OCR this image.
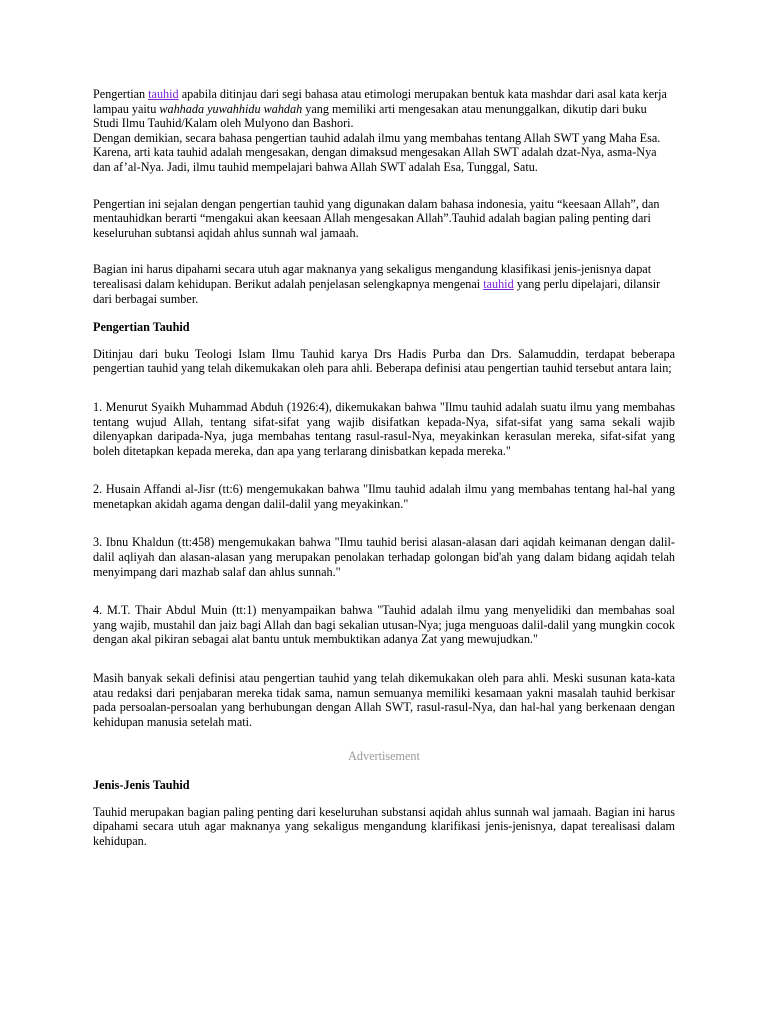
Pengertian tauhid apabila ditinjau dari segi bahasa atau etimologi merupakan bentuk kata mashdar dari asal kata kerja lampau yaitu wahhada yuwahhidu wahdah yang memiliki arti mengesakan atau menunggalkan, dikutip dari buku Studi Ilmu Tauhid/Kalam oleh Mulyono dan Bashori.

Dengan demikian, secara bahasa pengertian tauhid adalah ilmu yang membahas tentang Allah SWT yang Maha Esa. Karena, arti kata tauhid adalah mengesakan, dengan dimaksud mengesakan Allah SWT adalah dzat-Nya, asma-Nya dan af’al-Nya. Jadi, ilmu tauhid mempelajari bahwa Allah SWT adalah Esa, Tunggal, Satu.

Pengertian ini sejalan dengan pengertian tauhid yang digunakan dalam bahasa indonesia, yaitu “keesaan Allah”, dan mentauhidkan berarti “mengakui akan keesaan Allah mengesakan Allah”.Tauhid adalah bagian paling penting dari keseluruhan subtansi aqidah ahlus sunnah wal jamaah.

Bagian ini harus dipahami secara utuh agar maknanya yang sekaligus mengandung klasifikasi jenis-jenisnya dapat terealisasi dalam kehidupan. Berikut adalah penjelasan selengkapnya mengenai tauhid yang perlu dipelajari, dilansir dari berbagai sumber.

Pengertian Tauhid

Ditinjau dari buku Teologi Islam Ilmu Tauhid karya Drs Hadis Purba dan Drs. Salamuddin, terdapat beberapa pengertian tauhid yang telah dikemukakan oleh para ahli. Beberapa definisi atau pengertian tauhid tersebut antara lain;

1. Menurut Syaikh Muhammad Abduh (1926:4), dikemukakan bahwa "Ilmu tauhid adalah suatu ilmu yang membahas tentang wujud Allah, tentang sifat-sifat yang wajib disifatkan kepada-Nya, sifat-sifat yang sama sekali wajib dilenyapkan daripada-Nya, juga membahas tentang rasul-rasul-Nya, meyakinkan kerasulan mereka, sifat-sifat yang boleh ditetapkan kepada mereka, dan apa yang terlarang dinisbatkan kepada mereka."

2. Husain Affandi al-Jisr (tt:6) mengemukakan bahwa "Ilmu tauhid adalah ilmu yang membahas tentang hal-hal yang menetapkan akidah agama dengan dalil-dalil yang meyakinkan."

3. Ibnu Khaldun (tt:458) mengemukakan bahwa "Ilmu tauhid berisi alasan-alasan dari aqidah keimanan dengan dalil-dalil aqliyah dan alasan-alasan yang merupakan penolakan terhadap golongan bid'ah yang dalam bidang aqidah telah menyimpang dari mazhab salaf dan ahlus sunnah."

4. M.T. Thair Abdul Muin (tt:1) menyampaikan bahwa "Tauhid adalah ilmu yang menyelidiki dan membahas soal yang wajib, mustahil dan jaiz bagi Allah dan bagi sekalian utusan-Nya; juga menguoas dalil-dalil yang mungkin cocok dengan akal pikiran sebagai alat bantu untuk membuktikan adanya Zat yang mewujudkan."

Masih banyak sekali definisi atau pengertian tauhid yang telah dikemukakan oleh para ahli. Meski susunan kata-kata atau redaksi dari penjabaran mereka tidak sama, namun semuanya memiliki kesamaan yakni masalah tauhid berkisar pada persoalan-persoalan yang berhubungan dengan Allah SWT, rasul-rasul-Nya, dan hal-hal yang berkenaan dengan kehidupan manusia setelah mati.

Advertisement

Jenis-Jenis Tauhid

Tauhid merupakan bagian paling penting dari keseluruhan substansi aqidah ahlus sunnah wal jamaah. Bagian ini harus dipahami secara utuh agar maknanya yang sekaligus mengandung klarifikasi jenis-jenisnya, dapat terealisasi dalam kehidupan.
